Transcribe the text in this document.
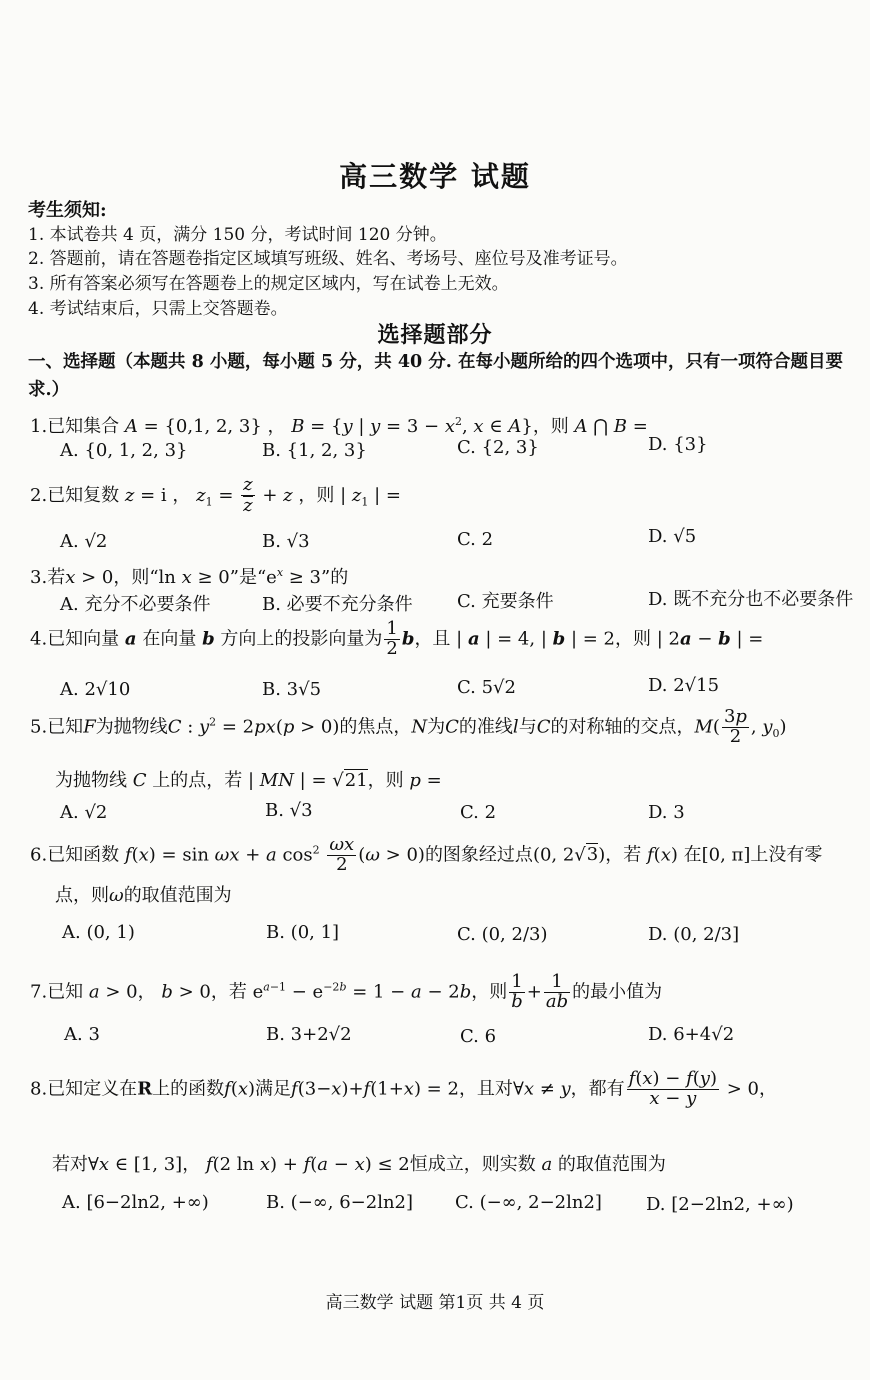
高三数学 试题
考生须知:
1. 本试卷共 4 页，满分 150 分，考试时间 120 分钟。
2. 答题前，请在答题卷指定区域填写班级、姓名、考场号、座位号及准考证号。
3. 所有答案必须写在答题卷上的规定区域内，写在试卷上无效。
4. 考试结束后，只需上交答题卷。
选择题部分
一、选择题（本题共 8 小题，每小题 5 分，共 40 分. 在每小题所给的四个选项中，只有一项符合题目要求.）
1.已知集合 A = {0,1, 2, 3} ， B = {y | $y = 3 - x^2$, x ∈ A}，则 A ⋂ B =
A. {0, 1, 2, 3}	B. {1, 2, 3}	C. {2, 3}	D. {3}
2.已知复数 z = i ， $z_1 = \frac{z}{z} + z$ ，则 | $z_1$ | =
A. √2	B. √3	C. 2	D. √5
3.若x > 0，则“ln x ≥ 0”是“$e^x \ge 3$”的
A. 充分不必要条件	B. 必要不充分条件 C. 充要条件	D. 既不充分也不必要条件
4.已知向量 a 在向量 b 方向上的投影向量为 $\frac{1}{2}$ b，且 | a | = 4, | b | = 2，则 | 2a − b | =
A. 2√10	B. 3√5	C. 5√2	D. 2√15
5.已知F为抛物线C : $y^2 = 2px(p > 0)$的焦点，N为C的准线l与C的对称轴的交点，$M( \frac{3p}{2}$ , $y_0$)
为抛物线 C 上的点，若 | MN | = √21，则 p =
A. √2	B. √3	C. 2	D. 3
6.已知函数 f(x) = sin ωx + a $\cos^2 \frac{\omega x}{2} (\omega > 0)$的图象经过点(0, 2√3)，若 f(x) 在[0, π]上没有零
点，则ω的取值范围为
A. (0, 1)	B. (0, 1]	C. (0, 2/3)	D. (0, 2/3]
7.已知 a > 0， b > 0，若 $e^{a-1} - e^{-2b} = 1 - a - 2b$，则 $\frac{1}{b} + \frac{1}{ab}$ 的最小值为
A. 3	B. 3+2√2	C. 6	D. 6+4√2
8.已知定义在R上的函数f(x)满足f(3−x)+f(1+x) = 2，且对∀x ≠ y，都有 $\frac{f(x) - f(y)}{x - y} > 0$，
若对∀x ∈ [1, 3]， f(2 ln x) + f(a − x) ≤ 2恒成立，则实数 a 的取值范围为
A. [6−2ln2, +∞)	B. (−∞, 6−2ln2] C. (−∞, 2−2ln2] D. [2−2ln2, +∞)
高三数学 试题 第1页 共 4 页
